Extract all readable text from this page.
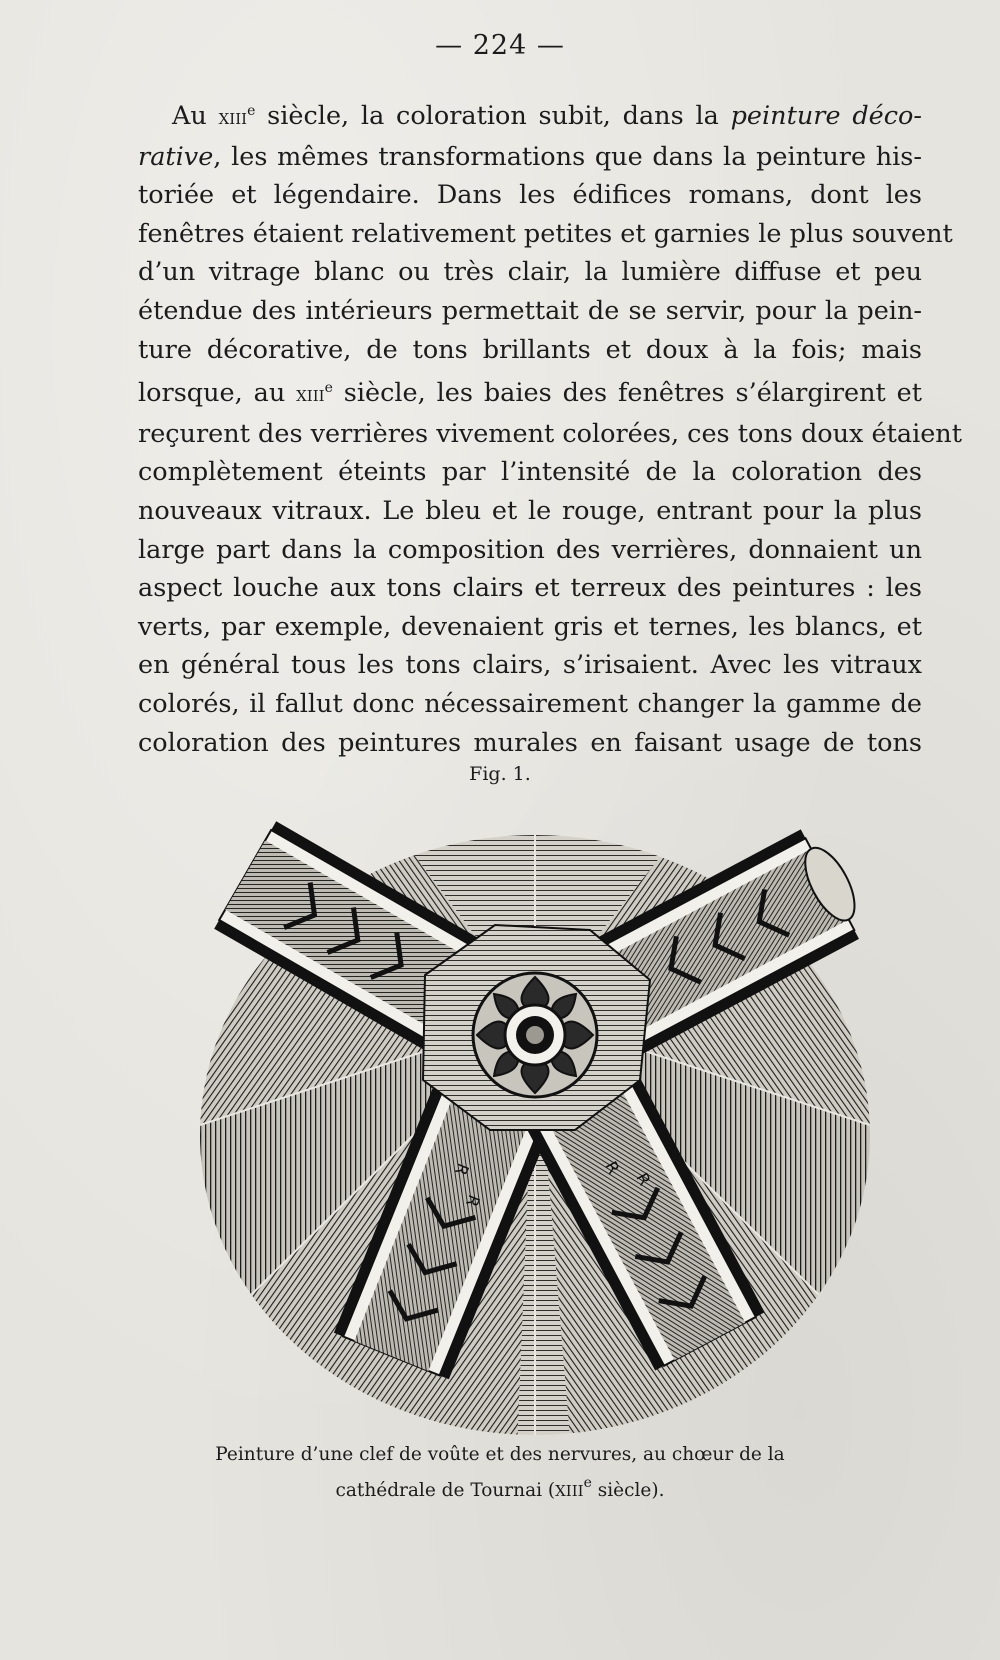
— 224 —
Au xiii$^e$ siècle, la coloration subit, dans la peinture déco-
rative, les mêmes transformations que dans la peinture his-
toriée et légendaire. Dans les édifices romans, dont les
fenêtres étaient relativement petites et garnies le plus souvent
d’un vitrage blanc ou très clair, la lumière diffuse et peu
étendue des intérieurs permettait de se servir, pour la pein-
ture décorative, de tons brillants et doux à la fois; mais
lorsque, au xiii$^e$ siècle, les baies des fenêtres s’élargirent et
reçurent des verrières vivement colorées, ces tons doux étaient
complètement éteints par l’intensité de la coloration des
nouveaux vitraux. Le bleu et le rouge, entrant pour la plus
large part dans la composition des verrières, donnaient un
aspect louche aux tons clairs et terreux des peintures : les
verts, par exemple, devenaient gris et ternes, les blancs, et
en général tous les tons clairs, s’irisaient. Avec les vitraux
colorés, il fallut donc nécessairement changer la gamme de
coloration des peintures murales en faisant usage de tons
Fig. 1.
R
R
R
R
Peinture d’une clef de voûte et des nervures, au chœur de la
cathédrale de Tournai (xiii$^e$ siècle).
